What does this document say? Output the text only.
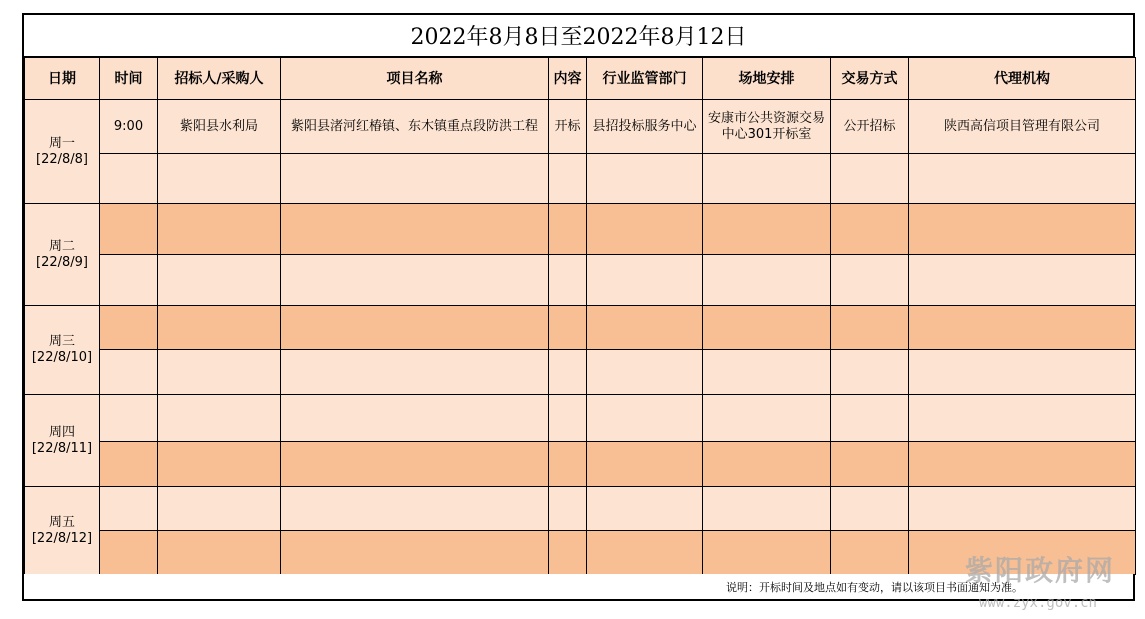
2022年8月8日至2022年8月12日
日期	时间	招标人/采购人	项目名称	内容	行业监管部门	场地安排	交易方式	代理机构

周一
[22/8/8]	9:00	紫阳县水利局	紫阳县渚河红椿镇、东木镇重点段防洪工程	开标	县招投标服务中心	安康市公共资源交易中心301开标室	公开招标	陕西高信项目管理有限公司

周二
[22/8/9]								

周三
[22/8/10]								

周四
[22/8/11]								

周五
[22/8/12]								

说明：开标时间及地点如有变动，请以该项目书面通知为准。
紫阳政府网
www.zyx.gov.cn
